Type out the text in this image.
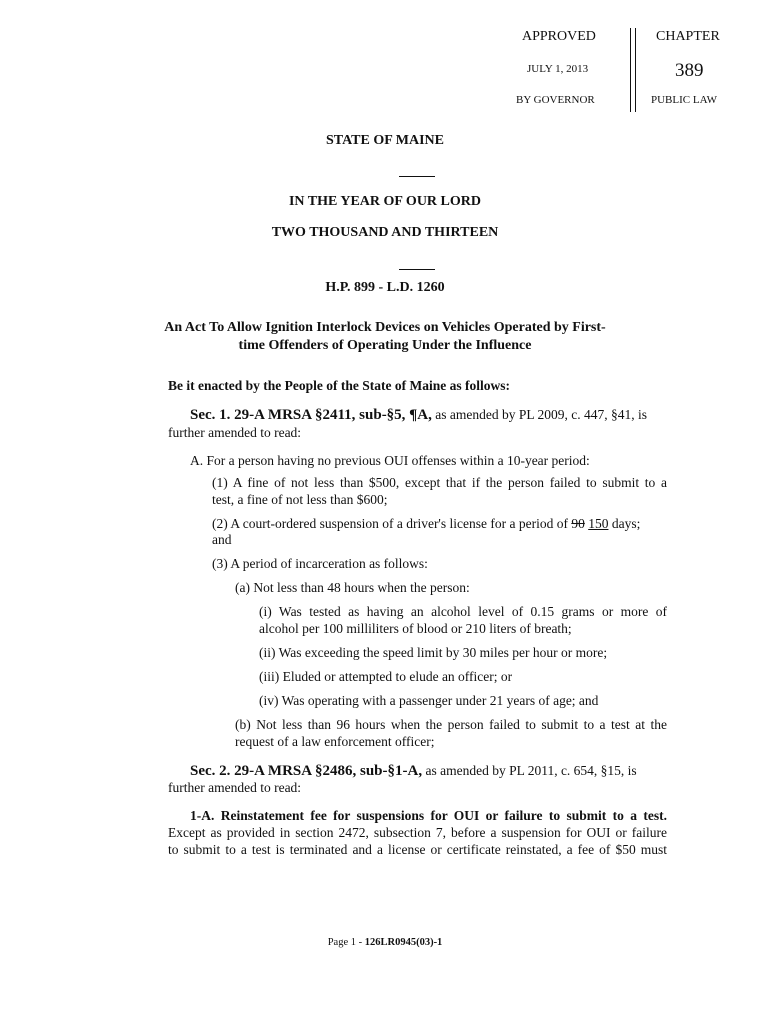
APPROVED
JULY 1, 2013
BY GOVERNOR
CHAPTER
389
PUBLIC LAW
STATE OF MAINE
IN THE YEAR OF OUR LORD
TWO THOUSAND AND THIRTEEN
H.P. 899 - L.D. 1260
An Act To Allow Ignition Interlock Devices on Vehicles Operated by First-
time Offenders of Operating Under the Influence
Be it enacted by the People of the State of Maine as follows:
Sec. 1. 29-A MRSA §2411, sub-§5, ¶A, as amended by PL 2009, c. 447, §41, is
further amended to read:
A. For a person having no previous OUI offenses within a 10-year period:
(1) A fine of not less than $500, except that if the person failed to submit to a
test, a fine of not less than $600;
(2) A court-ordered suspension of a driver's license for a period of 90 150 days;
and
(3) A period of incarceration as follows:
(a) Not less than 48 hours when the person:
(i) Was tested as having an alcohol level of 0.15 grams or more of
alcohol per 100 milliliters of blood or 210 liters of breath;
(ii) Was exceeding the speed limit by 30 miles per hour or more;
(iii) Eluded or attempted to elude an officer; or
(iv) Was operating with a passenger under 21 years of age; and
(b) Not less than 96 hours when the person failed to submit to a test at the
request of a law enforcement officer;
Sec. 2. 29-A MRSA §2486, sub-§1-A, as amended by PL 2011, c. 654, §15, is
further amended to read:
1-A. Reinstatement fee for suspensions for OUI or failure to submit to a test.
Except as provided in section 2472, subsection 7, before a suspension for OUI or failure
to submit to a test is terminated and a license or certificate reinstated, a fee of $50 must
Page 1 - 126LR0945(03)-1
